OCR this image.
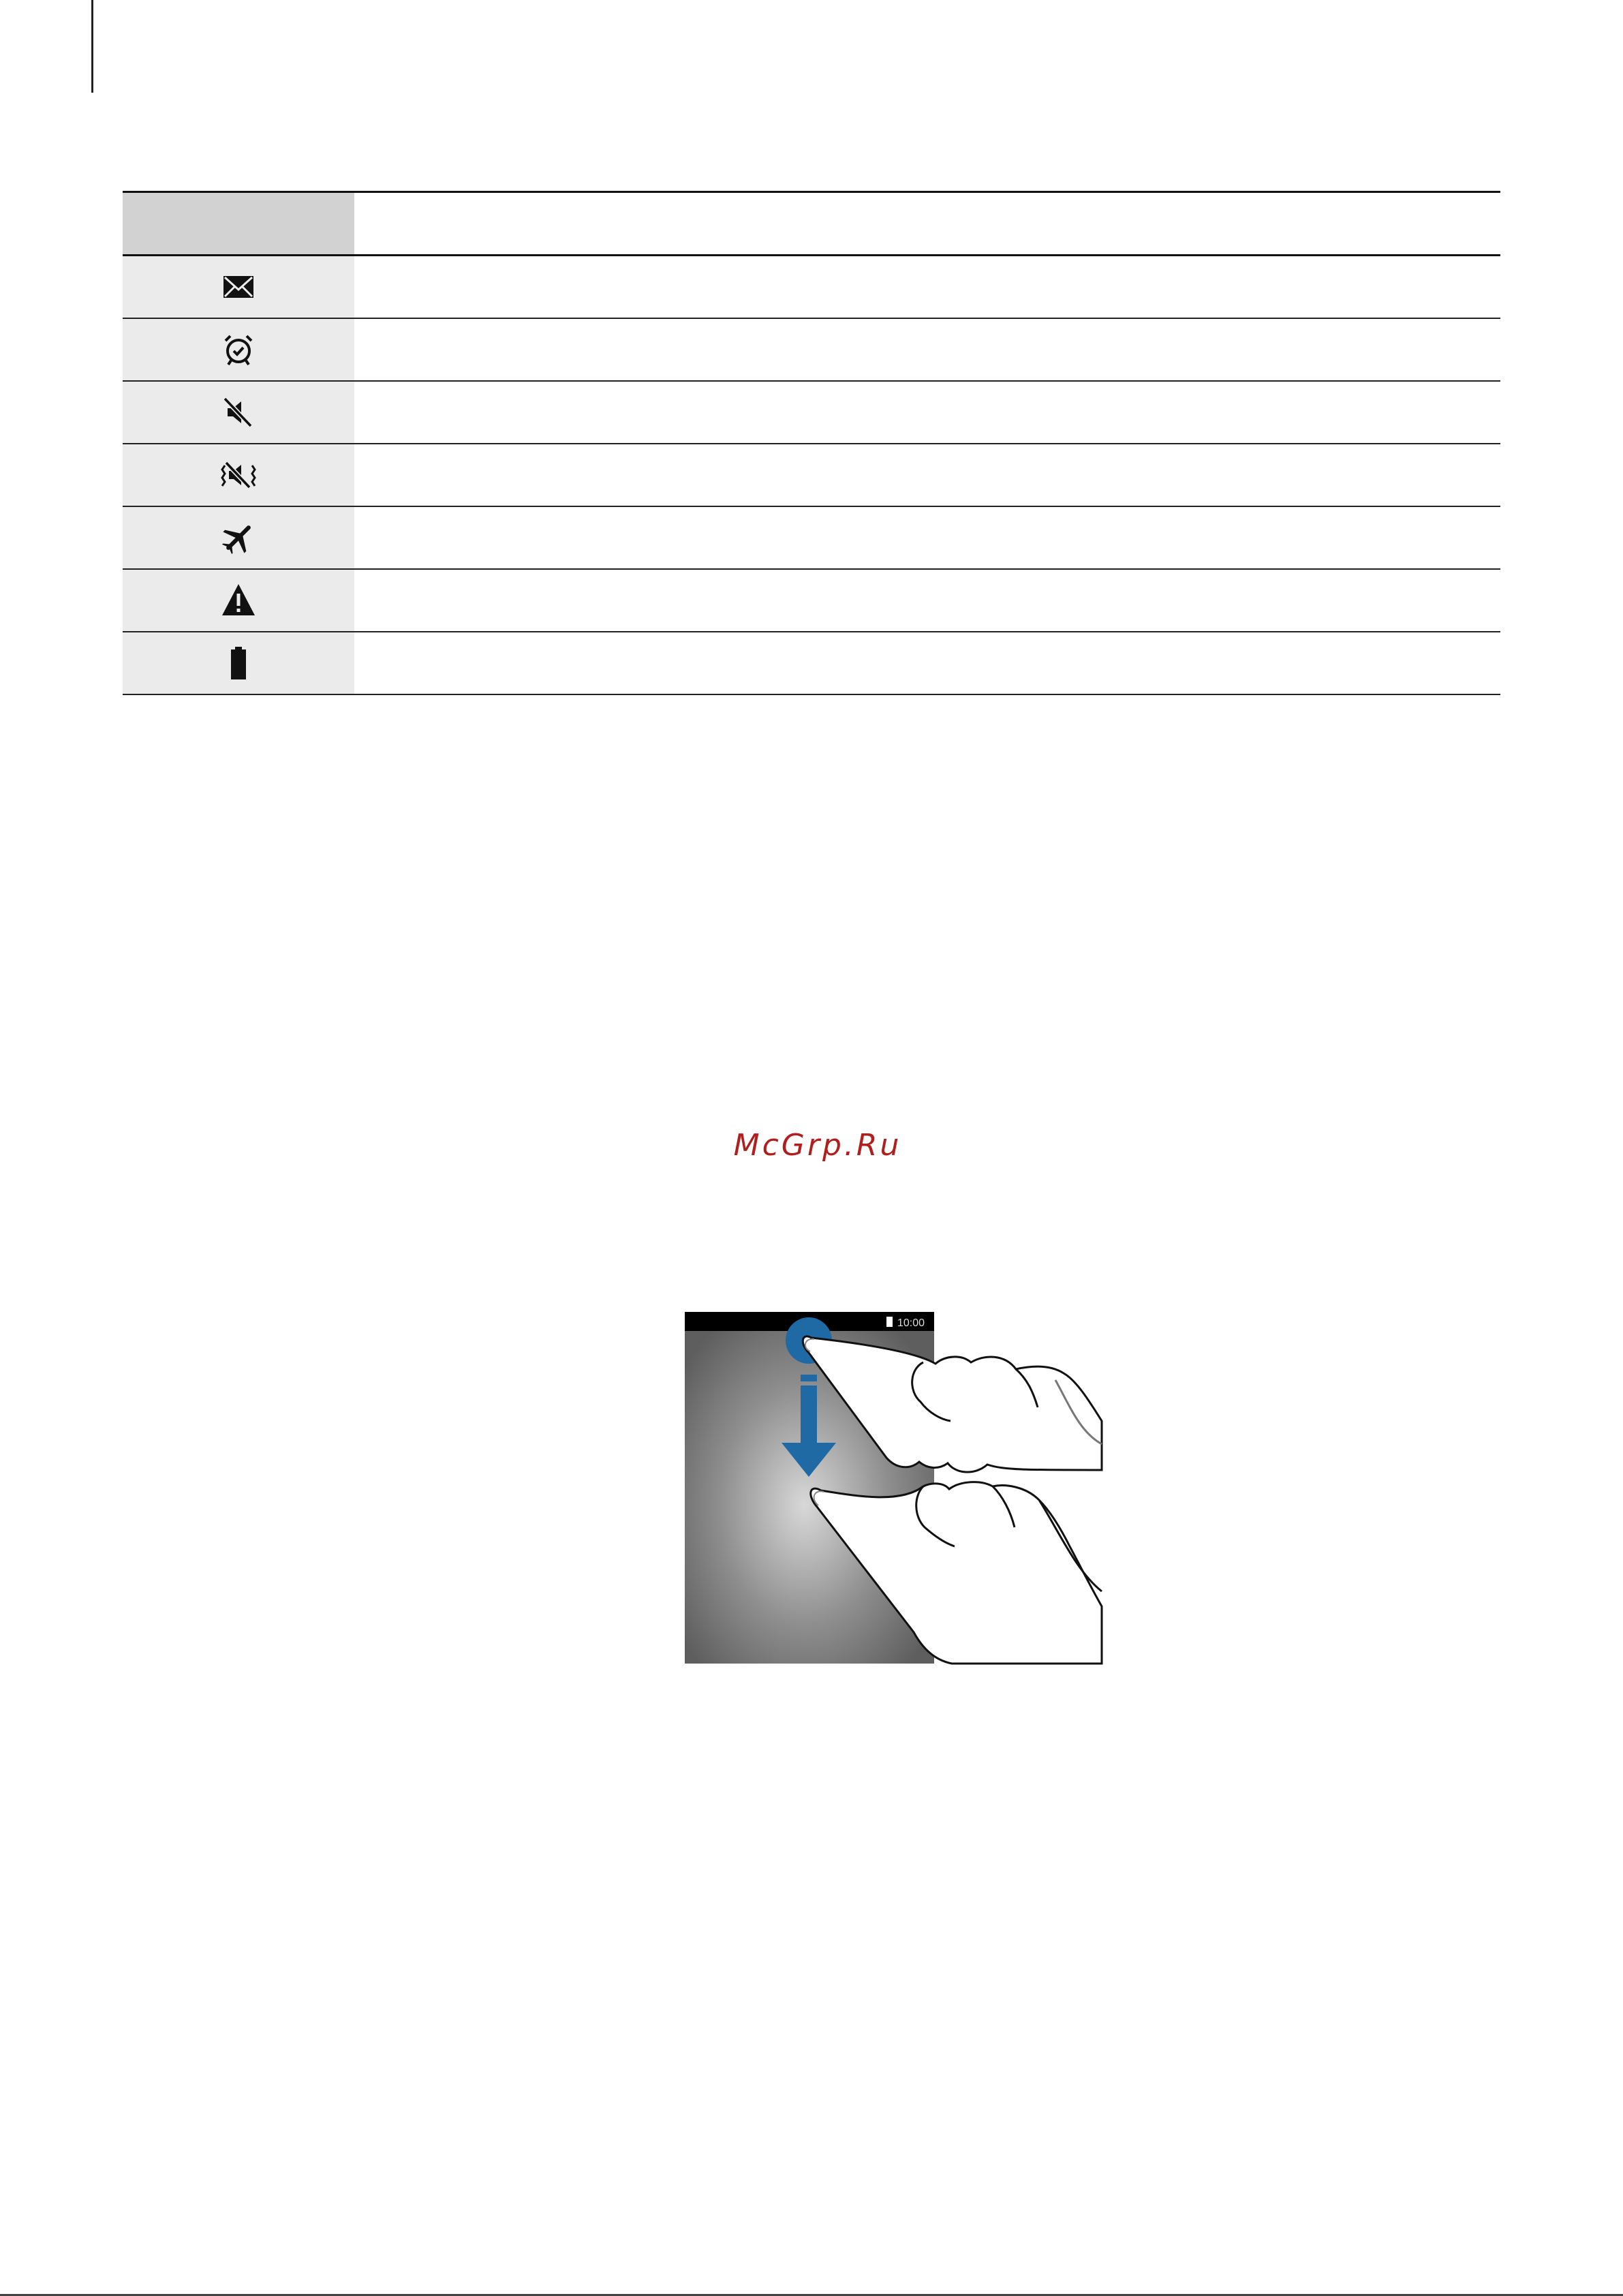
McGrp.Ru
10:00
